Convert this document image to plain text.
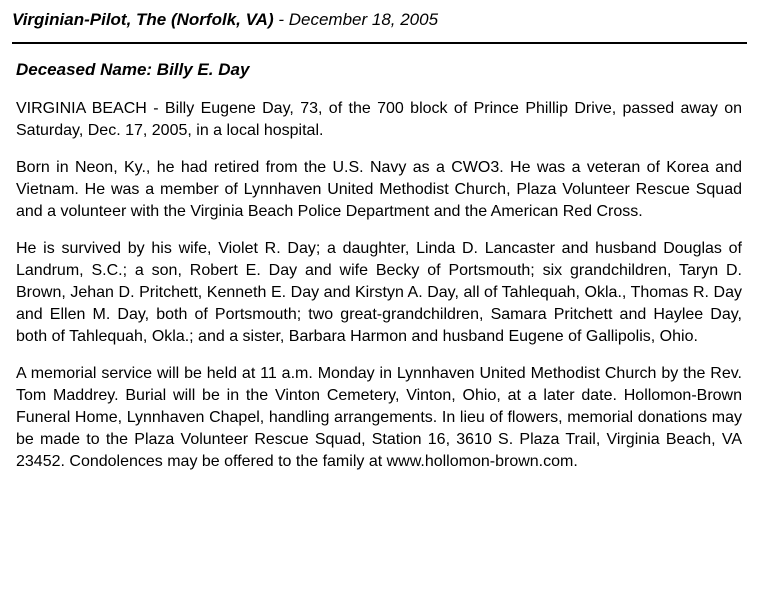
Virginian-Pilot, The (Norfolk, VA) - December 18, 2005
Deceased Name: Billy E. Day

VIRGINIA BEACH - Billy Eugene Day, 73, of the 700 block of Prince Phillip Drive, passed away on Saturday, Dec. 17, 2005, in a local hospital.

Born in Neon, Ky., he had retired from the U.S. Navy as a CWO3. He was a veteran of Korea and Vietnam. He was a member of Lynnhaven United Methodist Church, Plaza Volunteer Rescue Squad and a volunteer with the Virginia Beach Police Department and the American Red Cross.

He is survived by his wife, Violet R. Day; a daughter, Linda D. Lancaster and husband Douglas of Landrum, S.C.; a son, Robert E. Day and wife Becky of Portsmouth; six grandchildren, Taryn D. Brown, Jehan D. Pritchett, Kenneth E. Day and Kirstyn A. Day, all of Tahlequah, Okla., Thomas R. Day and Ellen M. Day, both of Portsmouth; two great-grandchildren, Samara Pritchett and Haylee Day, both of Tahlequah, Okla.; and a sister, Barbara Harmon and husband Eugene of Gallipolis, Ohio.

A memorial service will be held at 11 a.m. Monday in Lynnhaven United Methodist Church by the Rev. Tom Maddrey. Burial will be in the Vinton Cemetery, Vinton, Ohio, at a later date. Hollomon-Brown Funeral Home, Lynnhaven Chapel, handling arrangements. In lieu of flowers, memorial donations may be made to the Plaza Volunteer Rescue Squad, Station 16, 3610 S. Plaza Trail, Virginia Beach, VA 23452. Condolences may be offered to the family at www.hollomon-brown.com.
